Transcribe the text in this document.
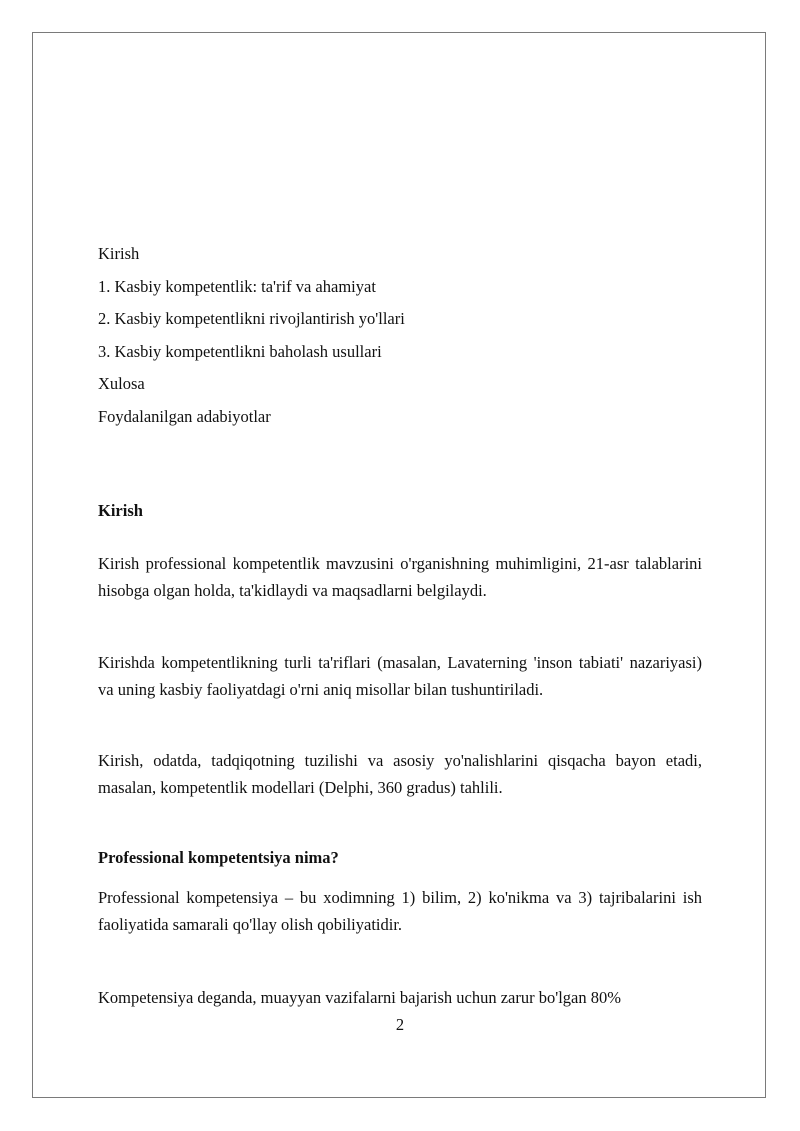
Kirish
1. Kasbiy kompetentlik: ta'rif va ahamiyat
2. Kasbiy kompetentlikni rivojlantirish yo'llari
3. Kasbiy kompetentlikni baholash usullari
Xulosa
Foydalanilgan adabiyotlar
Kirish
Kirish professional kompetentlik mavzusini o'rganishning muhimligini, 21-asr talablarini hisobga olgan holda, ta'kidlaydi va maqsadlarni belgilaydi.
Kirishda kompetentlikning turli ta'riflari (masalan, Lavaterning 'inson tabiati' nazariyasi) va uning kasbiy faoliyatdagi o'rni aniq misollar bilan tushuntiriladi.
Kirish, odatda, tadqiqotning tuzilishi va asosiy yo'nalishlarini qisqacha bayon etadi, masalan, kompetentlik modellari (Delphi, 360 gradus) tahlili.
Professional kompetentsiya nima?
Professional kompetensiya – bu xodimning 1) bilim, 2) ko'nikma va 3) tajribalarini ish faoliyatida samarali qo'llay olish qobiliyatidir.
Kompetensiya deganda, muayyan vazifalarni bajarish uchun zarur bo'lgan 80%
2
